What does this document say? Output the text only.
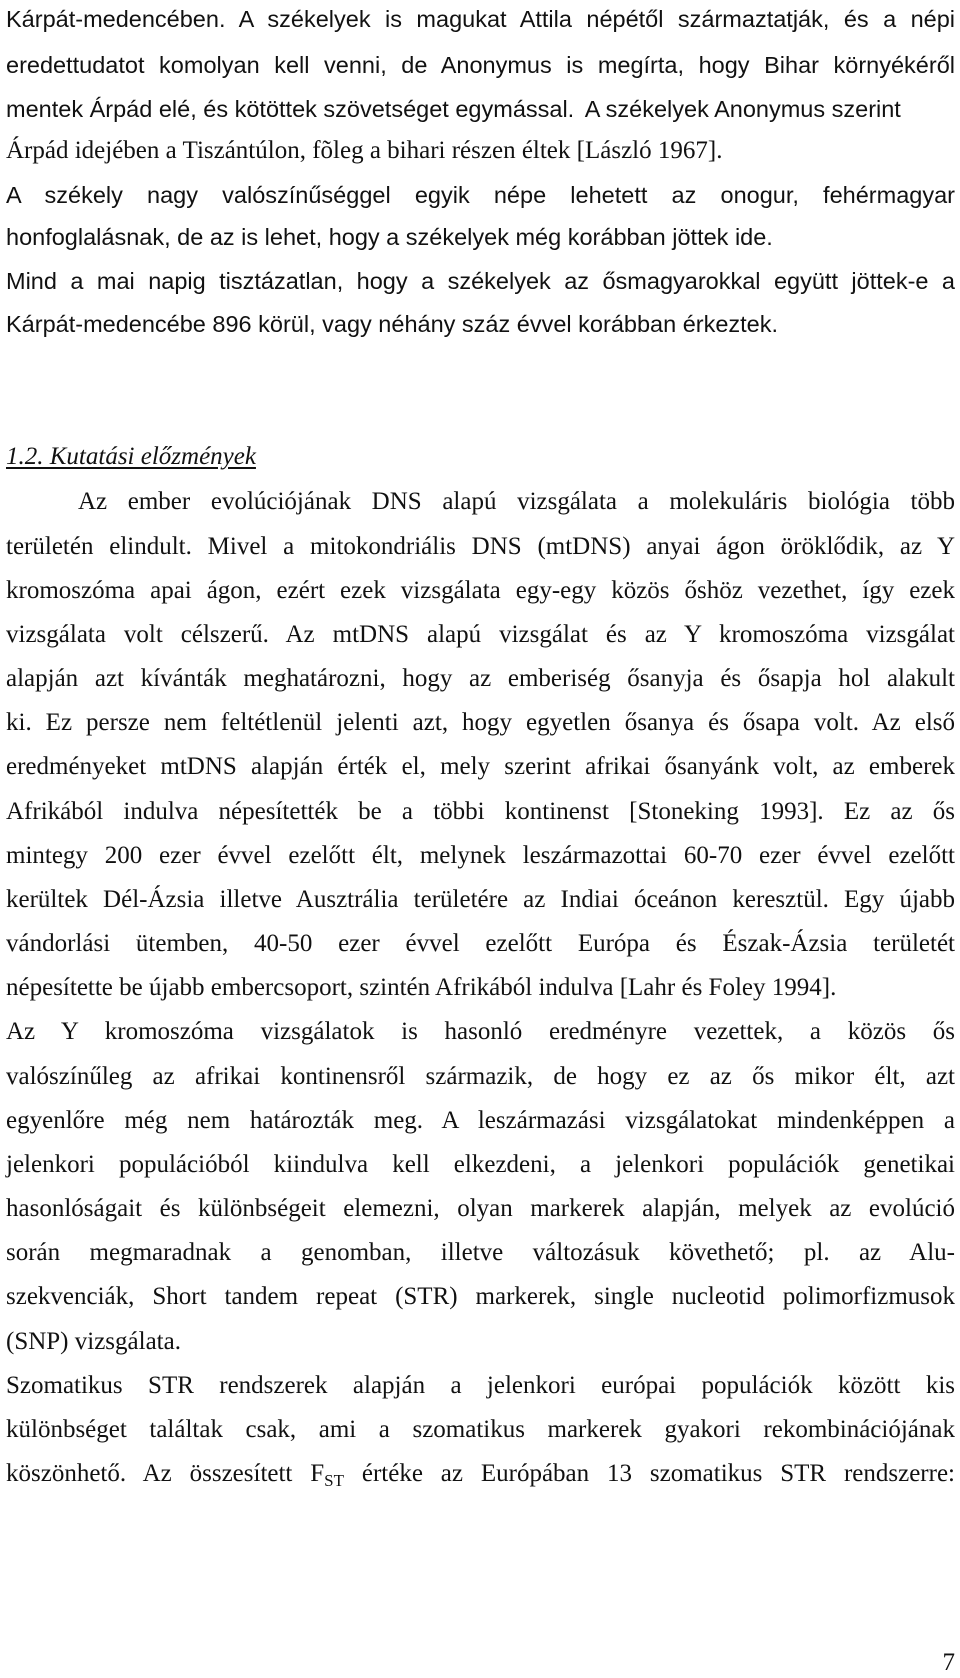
Kárpát-medencében. A székelyek is magukat Attila népétől származtatják, és a népi
eredettudatot komolyan kell venni, de Anonymus is megírta, hogy Bihar környékéről
mentek Árpád elé, és kötöttek szövetséget egymással. A székelyek Anonymus szerint
Árpád idejében a Tiszántúlon, fõleg a bihari részen éltek [László 1967].
A székely nagy valószínűséggel egyik népe lehetett az onogur, fehérmagyar
honfoglalásnak, de az is lehet, hogy a székelyek még korábban jöttek ide.
Mind a mai napig tisztázatlan, hogy a székelyek az ősmagyarokkal együtt jöttek-e a
Kárpát-medencébe 896 körül, vagy néhány száz évvel korábban érkeztek.
1.2. Kutatási előzmények
Az ember evolúciójának DNS alapú vizsgálata a molekuláris biológia több
területén elindult. Mivel a mitokondriális DNS (mtDNS) anyai ágon öröklődik, az Y
kromoszóma apai ágon, ezért ezek vizsgálata egy-egy közös őshöz vezethet, így ezek
vizsgálata volt célszerű. Az mtDNS alapú vizsgálat és az Y kromoszóma vizsgálat
alapján azt kívánták meghatározni, hogy az emberiség ősanyja és ősapja hol alakult
ki. Ez persze nem feltétlenül jelenti azt, hogy egyetlen ősanya és ősapa volt. Az első
eredményeket mtDNS alapján érték el, mely szerint afrikai ősanyánk volt, az emberek
Afrikából indulva népesítették be a többi kontinenst [Stoneking 1993]. Ez az ős
mintegy 200 ezer évvel ezelőtt élt, melynek leszármazottai 60-70 ezer évvel ezelőtt
kerültek Dél-Ázsia illetve Ausztrália területére az Indiai óceánon keresztül. Egy újabb
vándorlási ütemben, 40-50 ezer évvel ezelőtt Európa és Észak-Ázsia területét
népesítette be újabb embercsoport, szintén Afrikából indulva [Lahr és Foley 1994].
Az Y kromoszóma vizsgálatok is hasonló eredményre vezettek, a közös ős
valószínűleg az afrikai kontinensről származik, de hogy ez az ős mikor élt, azt
egyenlőre még nem határozták meg. A leszármazási vizsgálatokat mindenképpen a
jelenkori populációból kiindulva kell elkezdeni, a jelenkori populációk genetikai
hasonlóságait és különbségeit elemezni, olyan markerek alapján, melyek az evolúció
során megmaradnak a genomban, illetve változásuk követhető; pl. az Alu-
szekvenciák, Short tandem repeat (STR) markerek, single nucleotid polimorfizmusok
(SNP) vizsgálata.
Szomatikus STR rendszerek alapján a jelenkori európai populációk között kis
különbséget találtak csak, ami a szomatikus markerek gyakori rekombinációjának
köszönhető. Az összesített $F_{ST}$ értéke az Európában 13 szomatikus STR rendszerre:
7
